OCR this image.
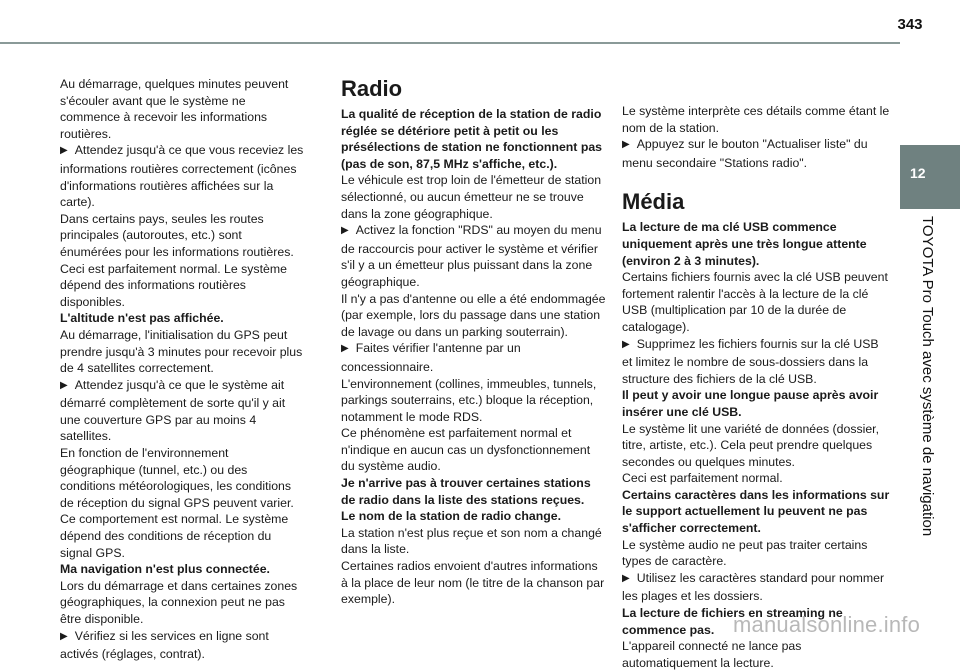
343
12
TOYOTA Pro Touch avec système de navigation

Au démarrage, quelques minutes peuvent s'écouler avant que le système ne commence à recevoir les informations routières.

▶ Attendez jusqu'à ce que vous receviez les informations routières correctement (icônes d'informations routières affichées sur la carte).

Dans certains pays, seules les routes principales (autoroutes, etc.) sont énumérées pour les informations routières.

Ceci est parfaitement normal. Le système dépend des informations routières disponibles.

L'altitude n'est pas affichée.

Au démarrage, l'initialisation du GPS peut prendre jusqu'à 3 minutes pour recevoir plus de 4 satellites correctement.

▶ Attendez jusqu'à ce que le système ait démarré complètement de sorte qu'il y ait une couverture GPS par au moins 4 satellites.

En fonction de l'environnement géographique (tunnel, etc.) ou des conditions météorologiques, les conditions de réception du signal GPS peuvent varier.

Ce comportement est normal. Le système dépend des conditions de réception du signal GPS.

Ma navigation n'est plus connectée.

Lors du démarrage et dans certaines zones géographiques, la connexion peut ne pas être disponible.

▶ Vérifiez si les services en ligne sont activés (réglages, contrat).

Radio

La qualité de réception de la station de radio réglée se détériore petit à petit ou les présélections de station ne fonctionnent pas (pas de son, 87,5 MHz s'affiche, etc.).

Le véhicule est trop loin de l'émetteur de station sélectionné, ou aucun émetteur ne se trouve dans la zone géographique.

▶ Activez la fonction "RDS" au moyen du menu de raccourcis pour activer le système et vérifier s'il y a un émetteur plus puissant dans la zone géographique.

Il n'y a pas d'antenne ou elle a été endommagée (par exemple, lors du passage dans une station de lavage ou dans un parking souterrain).

▶ Faites vérifier l'antenne par un concessionnaire.

L'environnement (collines, immeubles, tunnels, parkings souterrains, etc.) bloque la réception, notamment le mode RDS.

Ce phénomène est parfaitement normal et n'indique en aucun cas un dysfonctionnement du système audio.

Je n'arrive pas à trouver certaines stations de radio dans la liste des stations reçues.

Le nom de la station de radio change.

La station n'est plus reçue et son nom a changé dans la liste.

Certaines radios envoient d'autres informations à la place de leur nom (le titre de la chanson par exemple).

Le système interprète ces détails comme étant le nom de la station.

▶ Appuyez sur le bouton "Actualiser liste" du menu secondaire "Stations radio".

Média

La lecture de ma clé USB commence uniquement après une très longue attente (environ 2 à 3 minutes).

Certains fichiers fournis avec la clé USB peuvent fortement ralentir l'accès à la lecture de la clé USB (multiplication par 10 de la durée de catalogage).

▶ Supprimez les fichiers fournis sur la clé USB et limitez le nombre de sous-dossiers dans la structure des fichiers de la clé USB.

Il peut y avoir une longue pause après avoir insérer une clé USB.

Le système lit une variété de données (dossier, titre, artiste, etc.). Cela peut prendre quelques secondes ou quelques minutes.

Ceci est parfaitement normal.

Certains caractères dans les informations sur le support actuellement lu peuvent ne pas s'afficher correctement.

Le système audio ne peut pas traiter certains types de caractère.

▶ Utilisez les caractères standard pour nommer les plages et les dossiers.

La lecture de fichiers en streaming ne commence pas.

L'appareil connecté ne lance pas automatiquement la lecture.

manualsonline.info
